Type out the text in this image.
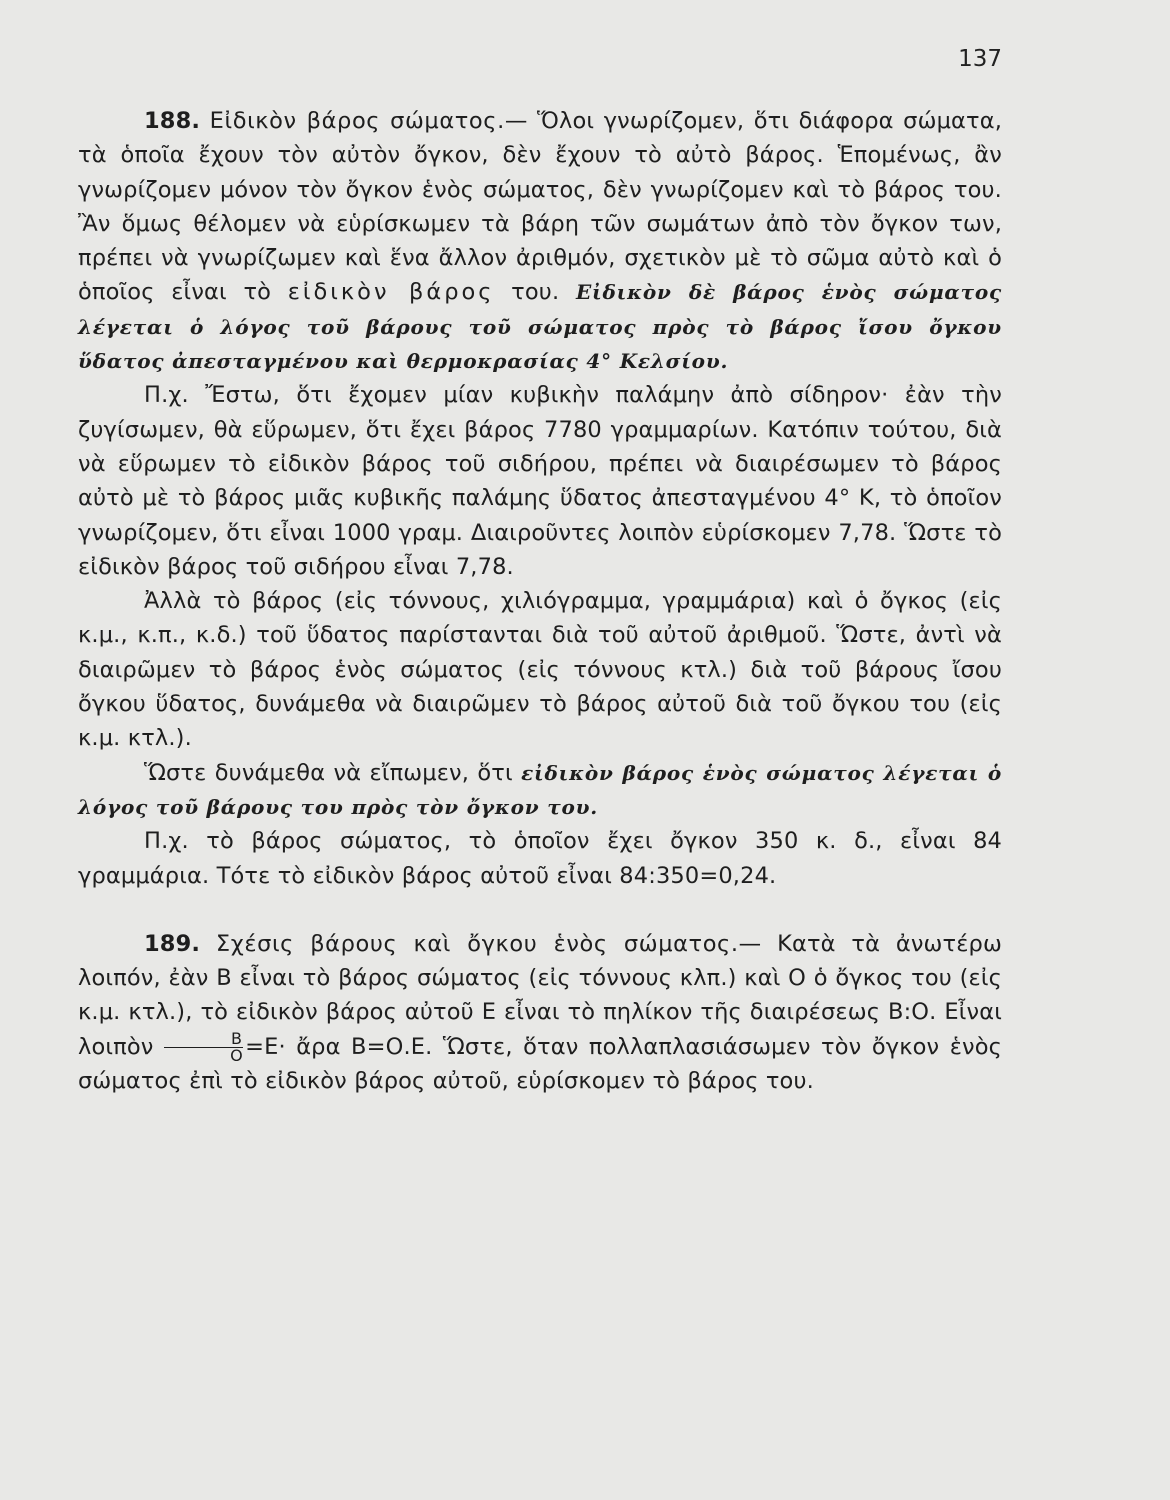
137

188. Εἰδικὸν βάρος σώματος.— Ὅλοι γνωρίζομεν, ὅτι διάφορα σώματα, τὰ ὁποῖα ἔχουν τὸν αὐτὸν ὄγκον, δὲν ἔχουν τὸ αὐτὸ βάρος. Ἑπομένως, ἂν γνωρίζομεν μόνον τὸν ὄγκον ἑνὸς σώματος, δὲν γνωρίζομεν καὶ τὸ βάρος του. Ἂν ὅμως θέλομεν νὰ εὑρίσκωμεν τὰ βάρη τῶν σωμάτων ἀπὸ τὸν ὄγκον των, πρέπει νὰ γνωρίζωμεν καὶ ἕνα ἄλλον ἀριθμόν, σχετικὸν μὲ τὸ σῶμα αὐτὸ καὶ ὁ ὁποῖος εἶναι τὸ εἰδικὸν βάρος του. Εἰδικὸν δὲ βάρος ἑνὸς σώματος λέγεται ὁ λόγος τοῦ βάρους τοῦ σώματος πρὸς τὸ βάρος ἴσου ὄγκου ὕδατος ἀπεσταγμένου καὶ θερμοκρασίας 4° Κελσίου.

Π.χ. Ἔστω, ὅτι ἔχομεν μίαν κυβικὴν παλάμην ἀπὸ σίδηρον· ἐὰν τὴν ζυγίσωμεν, θὰ εὕρωμεν, ὅτι ἔχει βάρος 7780 γραμμαρίων. Κατόπιν τούτου, διὰ νὰ εὕρωμεν τὸ εἰδικὸν βάρος τοῦ σιδήρου, πρέπει νὰ διαιρέσωμεν τὸ βάρος αὐτὸ μὲ τὸ βάρος μιᾶς κυβικῆς παλάμης ὕδατος ἀπεσταγμένου 4° Κ, τὸ ὁποῖον γνωρίζομεν, ὅτι εἶναι 1000 γραμ. Διαιροῦντες λοιπὸν εὑρίσκομεν 7,78. Ὥστε τὸ εἰδικὸν βάρος τοῦ σιδήρου εἶναι 7,78.

Ἀλλὰ τὸ βάρος (εἰς τόννους, χιλιόγραμμα, γραμμάρια) καὶ ὁ ὄγκος (εἰς κ.μ., κ.π., κ.δ.) τοῦ ὕδατος παρίστανται διὰ τοῦ αὐτοῦ ἀριθμοῦ. Ὥστε, ἀντὶ νὰ διαιρῶμεν τὸ βάρος ἑνὸς σώματος (εἰς τόννους κτλ.) διὰ τοῦ βάρους ἴσου ὄγκου ὕδατος, δυνάμεθα νὰ διαιρῶμεν τὸ βάρος αὐτοῦ διὰ τοῦ ὄγκου του (εἰς κ.μ. κτλ.).

Ὥστε δυνάμεθα νὰ εἴπωμεν, ὅτι εἰδικὸν βάρος ἑνὸς σώματος λέγεται ὁ λόγος τοῦ βάρους του πρὸς τὸν ὄγκον του.

Π.χ. τὸ βάρος σώματος, τὸ ὁποῖον ἔχει ὄγκον 350 κ. δ., εἶναι 84 γραμμάρια. Τότε τὸ εἰδικὸν βάρος αὐτοῦ εἶναι 84:350=0,24.

189. Σχέσις βάρους καὶ ὄγκου ἑνὸς σώματος.— Κατὰ τὰ ἀνωτέρω λοιπόν, ἐὰν Β εἶναι τὸ βάρος σώματος (εἰς τόννους κλπ.) καὶ Ο ὁ ὄγκος του (εἰς κ.μ. κτλ.), τὸ εἰδικὸν βάρος αὐτοῦ Ε εἶναι τὸ πηλίκον τῆς διαιρέσεως Β:Ο. Εἶναι λοιπὸν $\frac{B}{O} =E\cdot$ ἄρα Β=Ο.Ε. Ὥστε, ὅταν πολλαπλασιάσωμεν τὸν ὄγκον ἑνὸς σώματος ἐπὶ τὸ εἰδικὸν βάρος αὐτοῦ, εὑρίσκομεν τὸ βάρος του.
